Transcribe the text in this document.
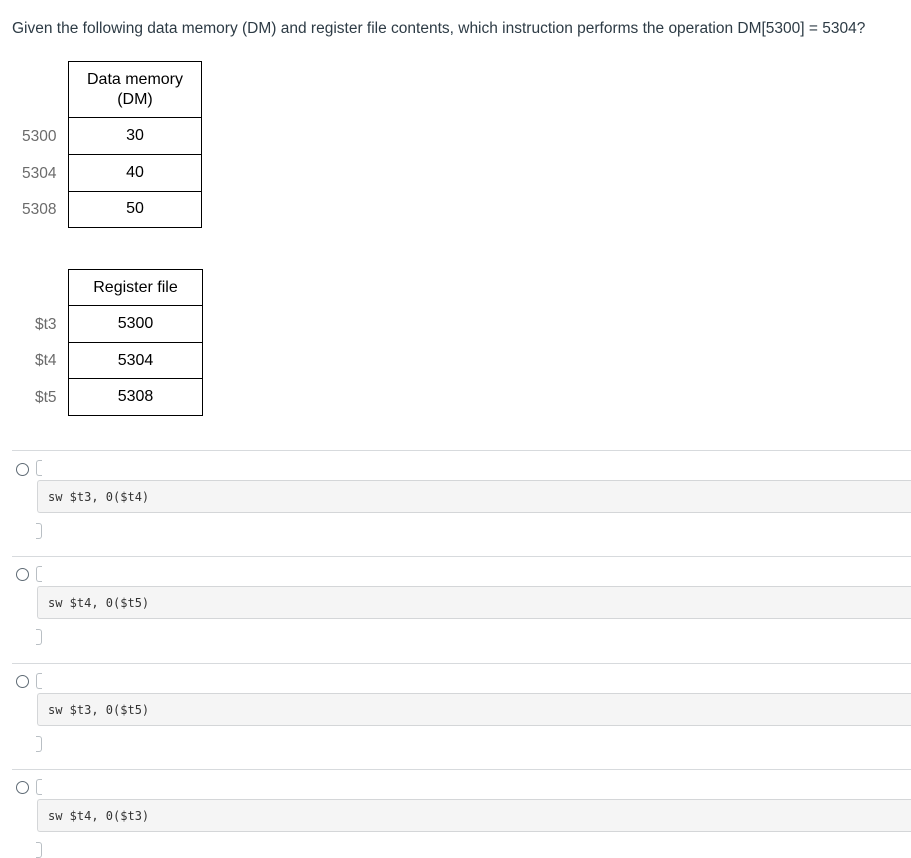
Given the following data memory (DM) and register file contents, which instruction performs the operation DM[5300] = 5304?
Data memory
(DM)
5300	30
5304	40
5308	50
Register file
$t3	5300
$t4	5304
$t5	5308
sw $t3, 0($t4)
sw $t4, 0($t5)
sw $t3, 0($t5)
sw $t4, 0($t3)
